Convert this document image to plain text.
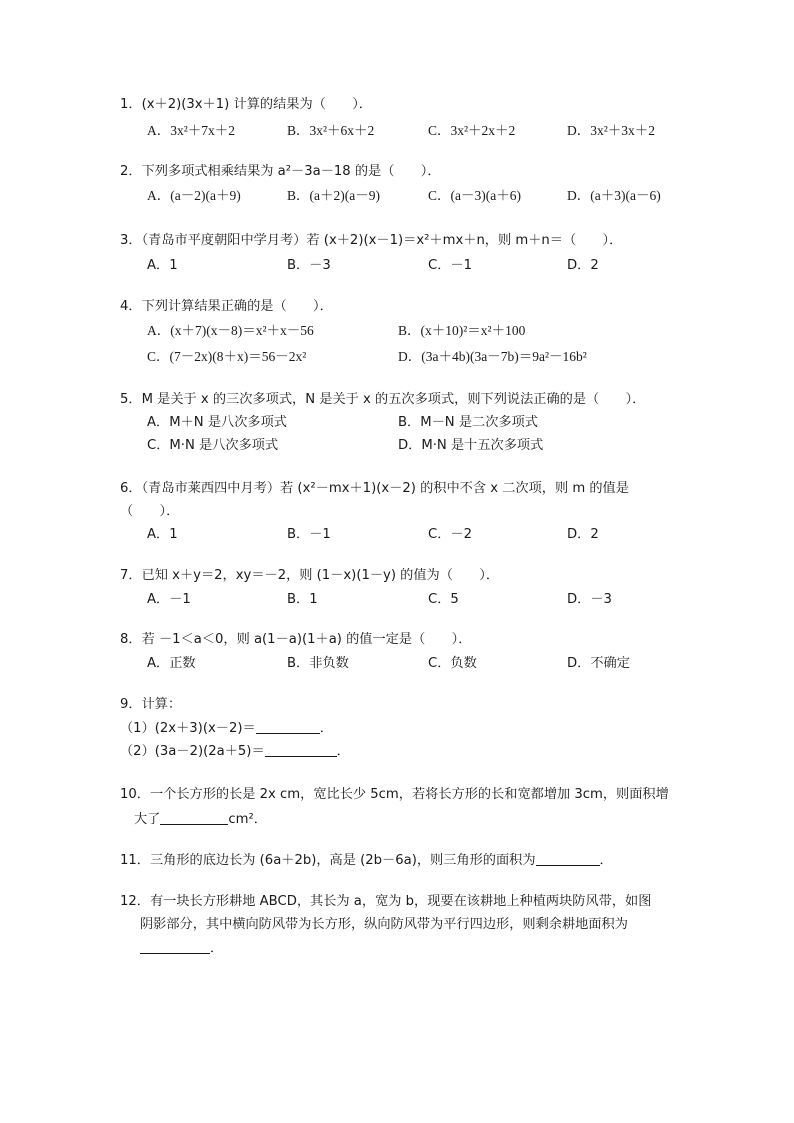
1．(x＋2)(3x＋1) 计算的结果为（　　）．
A．3x²＋7x＋2	B．3x²＋6x＋2	C．3x²＋2x＋2	D．3x²＋3x＋2
2．下列多项式相乘结果为 a²－3a－18 的是（　　）．
A．(a－2)(a＋9)	B．(a＋2)(a－9)	C．(a－3)(a＋6)	D．(a＋3)(a－6)
3．（青岛市平度朝阳中学月考）若 (x＋2)(x－1)＝x²＋mx＋n，则 m＋n＝（　　）．
A．1	B．－3	C．－1	D．2
4．下列计算结果正确的是（　　）．
A．(x＋7)(x－8)＝x²＋x－56	B．(x＋10)²＝x²＋100
C．(7－2x)(8＋x)＝56－2x²	D．(3a＋4b)(3a－7b)＝9a²－16b²
5．M 是关于 x 的三次多项式，N 是关于 x 的五次多项式，则下列说法正确的是（　　）．
A．M＋N 是八次多项式	B．M－N 是二次多项式
C．M·N 是八次多项式	D．M·N 是十五次多项式
6．（青岛市莱西四中月考）若 (x²－mx＋1)(x－2) 的积中不含 x 二次项，则 m 的值是
（　　）．
A．1	B．－1	C．－2	D．2
7．已知 x＋y＝2，xy＝－2，则 (1－x)(1－y) 的值为（　　）．
A．－1	B．1	C．5	D．－3
8．若 －1＜a＜0，则 a(1－a)(1＋a) 的值一定是（　　）．
A．正数	B．非负数	C．负数	D．不确定
9．计算：
（1）(2x＋3)(x－2)＝	．
（2）(3a－2)(2a＋5)＝	．
10．一个长方形的长是 2x cm，宽比长少 5cm，若将长方形的长和宽都增加 3cm，则面积增
大了	cm²．
11．三角形的底边长为 (6a＋2b)，高是 (2b－6a)，则三角形的面积为	．
12．有一块长方形耕地 ABCD，其长为 a，宽为 b，现要在该耕地上种植两块防风带，如图
阴影部分，其中横向防风带为长方形，纵向防风带为平行四边形，则剩余耕地面积为
．
